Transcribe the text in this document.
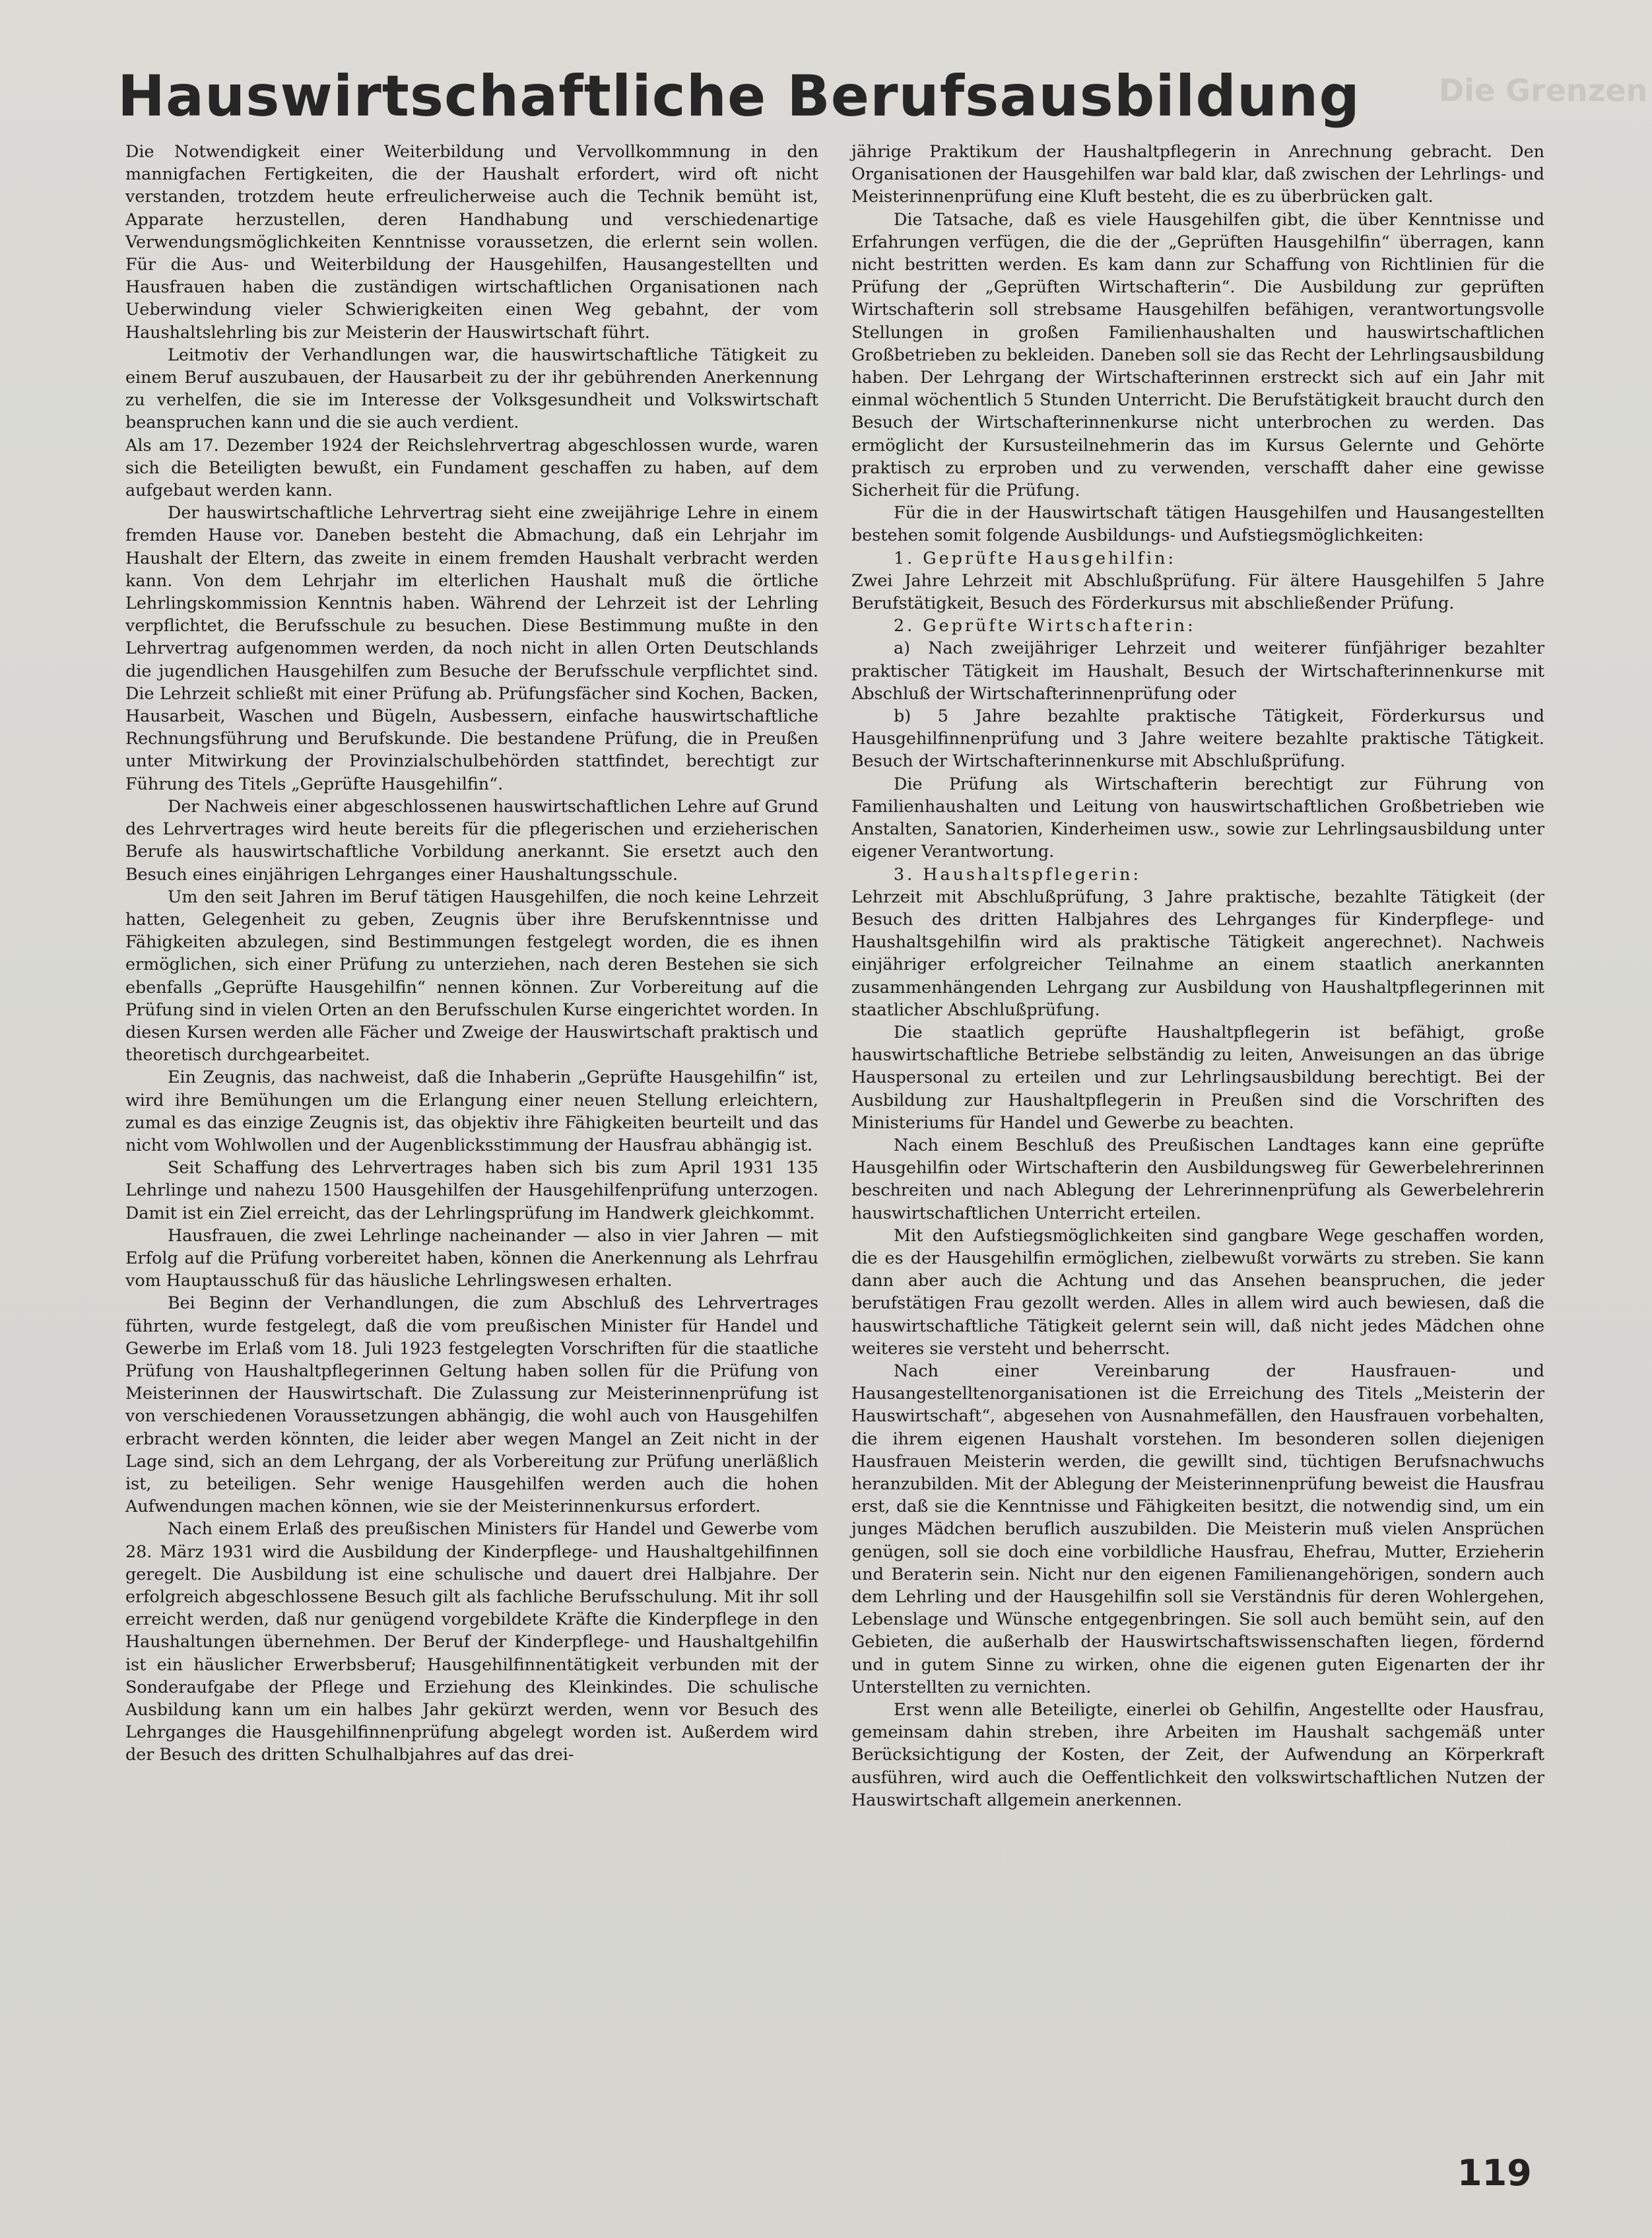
Die Grenzen
Hauswirtschaftliche Berufsausbildung

Die Notwendigkeit einer Weiterbildung und Vervollkommnung in den mannigfachen Fertigkeiten, die der Haushalt erfordert, wird oft nicht verstanden, trotzdem heute erfreulicherweise auch die Technik bemüht ist, Apparate herzustellen, deren Handhabung und verschiedenartige Verwendungsmöglichkeiten Kenntnisse voraussetzen, die erlernt sein wollen. Für die Aus- und Weiterbildung der Hausgehilfen, Hausangestellten und Hausfrauen haben die zuständigen wirtschaftlichen Organisationen nach Ueberwindung vieler Schwierigkeiten einen Weg gebahnt, der vom Haushaltslehrling bis zur Meisterin der Hauswirtschaft führt.

Leitmotiv der Verhandlungen war, die hauswirtschaftliche Tätigkeit zu einem Beruf auszubauen, der Hausarbeit zu der ihr gebührenden Anerkennung zu verhelfen, die sie im Interesse der Volksgesundheit und Volkswirtschaft beanspruchen kann und die sie auch verdient.

Als am 17. Dezember 1924 der Reichslehrvertrag abgeschlossen wurde, waren sich die Beteiligten bewußt, ein Fundament geschaffen zu haben, auf dem aufgebaut werden kann.

Der hauswirtschaftliche Lehrvertrag sieht eine zweijährige Lehre in einem fremden Hause vor. Daneben besteht die Abmachung, daß ein Lehrjahr im Haushalt der Eltern, das zweite in einem fremden Haushalt verbracht werden kann. Von dem Lehrjahr im elterlichen Haushalt muß die örtliche Lehrlingskommission Kenntnis haben. Während der Lehrzeit ist der Lehrling verpflichtet, die Berufsschule zu besuchen. Diese Bestimmung mußte in den Lehrvertrag aufgenommen werden, da noch nicht in allen Orten Deutschlands die jugendlichen Hausgehilfen zum Besuche der Berufsschule verpflichtet sind. Die Lehrzeit schließt mit einer Prüfung ab. Prüfungsfächer sind Kochen, Backen, Hausarbeit, Waschen und Bügeln, Ausbessern, einfache hauswirtschaftliche Rechnungsführung und Berufskunde. Die bestandene Prüfung, die in Preußen unter Mitwirkung der Provinzialschulbehörden stattfindet, berechtigt zur Führung des Titels „Geprüfte Hausgehilfin“.

Der Nachweis einer abgeschlossenen hauswirtschaftlichen Lehre auf Grund des Lehrvertrages wird heute bereits für die pflegerischen und erzieherischen Berufe als hauswirtschaftliche Vorbildung anerkannt. Sie ersetzt auch den Besuch eines einjährigen Lehrganges einer Haushaltungsschule.

Um den seit Jahren im Beruf tätigen Hausgehilfen, die noch keine Lehrzeit hatten, Gelegenheit zu geben, Zeugnis über ihre Berufskenntnisse und Fähigkeiten abzulegen, sind Bestimmungen festgelegt worden, die es ihnen ermöglichen, sich einer Prüfung zu unterziehen, nach deren Bestehen sie sich ebenfalls „Geprüfte Hausgehilfin“ nennen können. Zur Vorbereitung auf die Prüfung sind in vielen Orten an den Berufsschulen Kurse eingerichtet worden. In diesen Kursen werden alle Fächer und Zweige der Hauswirtschaft praktisch und theoretisch durchgearbeitet.

Ein Zeugnis, das nachweist, daß die Inhaberin „Geprüfte Hausgehilfin“ ist, wird ihre Bemühungen um die Erlangung einer neuen Stellung erleichtern, zumal es das einzige Zeugnis ist, das objektiv ihre Fähigkeiten beurteilt und das nicht vom Wohlwollen und der Augenblicksstimmung der Hausfrau abhängig ist.

Seit Schaffung des Lehrvertrages haben sich bis zum April 1931 135 Lehrlinge und nahezu 1500 Hausgehilfen der Hausgehilfenprüfung unterzogen. Damit ist ein Ziel erreicht, das der Lehrlingsprüfung im Handwerk gleichkommt.

Hausfrauen, die zwei Lehrlinge nacheinander — also in vier Jahren — mit Erfolg auf die Prüfung vorbereitet haben, können die Anerkennung als Lehrfrau vom Hauptausschuß für das häusliche Lehrlingswesen erhalten.

Bei Beginn der Verhandlungen, die zum Abschluß des Lehrvertrages führten, wurde festgelegt, daß die vom preußischen Minister für Handel und Gewerbe im Erlaß vom 18. Juli 1923 festgelegten Vorschriften für die staatliche Prüfung von Haushaltpflegerinnen Geltung haben sollen für die Prüfung von Meisterinnen der Hauswirtschaft. Die Zulassung zur Meisterinnenprüfung ist von verschiedenen Voraussetzungen abhängig, die wohl auch von Hausgehilfen erbracht werden könnten, die leider aber wegen Mangel an Zeit nicht in der Lage sind, sich an dem Lehrgang, der als Vorbereitung zur Prüfung unerläßlich ist, zu beteiligen. Sehr wenige Hausgehilfen werden auch die hohen Aufwendungen machen können, wie sie der Meisterinnenkursus erfordert.

Nach einem Erlaß des preußischen Ministers für Handel und Gewerbe vom 28. März 1931 wird die Ausbildung der Kinderpflege- und Haushaltgehilfinnen geregelt. Die Ausbildung ist eine schulische und dauert drei Halbjahre. Der erfolgreich abgeschlossene Besuch gilt als fachliche Berufsschulung. Mit ihr soll erreicht werden, daß nur genügend vorgebildete Kräfte die Kinderpflege in den Haushaltungen übernehmen. Der Beruf der Kinderpflege- und Haushaltgehilfin ist ein häuslicher Erwerbsberuf; Hausgehilfinnentätigkeit verbunden mit der Sonderaufgabe der Pflege und Erziehung des Kleinkindes. Die schulische Ausbildung kann um ein halbes Jahr gekürzt werden, wenn vor Besuch des Lehrganges die Hausgehilfinnenprüfung abgelegt worden ist. Außerdem wird der Besuch des dritten Schulhalbjahres auf das drei-

jährige Praktikum der Haushaltpflegerin in Anrechnung gebracht. Den Organisationen der Hausgehilfen war bald klar, daß zwischen der Lehrlings- und Meisterinnenprüfung eine Kluft besteht, die es zu überbrücken galt.

Die Tatsache, daß es viele Hausgehilfen gibt, die über Kenntnisse und Erfahrungen verfügen, die die der „Geprüften Hausgehilfin“ überragen, kann nicht bestritten werden. Es kam dann zur Schaffung von Richtlinien für die Prüfung der „Geprüften Wirtschafterin“. Die Ausbildung zur geprüften Wirtschafterin soll strebsame Hausgehilfen befähigen, verantwortungsvolle Stellungen in großen Familienhaushalten und hauswirtschaftlichen Großbetrieben zu bekleiden. Daneben soll sie das Recht der Lehrlingsausbildung haben. Der Lehrgang der Wirtschafterinnen erstreckt sich auf ein Jahr mit einmal wöchentlich 5 Stunden Unterricht. Die Berufstätigkeit braucht durch den Besuch der Wirtschafterinnenkurse nicht unterbrochen zu werden. Das ermöglicht der Kursusteilnehmerin das im Kursus Gelernte und Gehörte praktisch zu erproben und zu verwenden, verschafft daher eine gewisse Sicherheit für die Prüfung.

Für die in der Hauswirtschaft tätigen Hausgehilfen und Hausangestellten bestehen somit folgende Ausbildungs- und Aufstiegsmöglichkeiten:

1. Geprüfte Hausgehilfin:

Zwei Jahre Lehrzeit mit Abschlußprüfung. Für ältere Hausgehilfen 5 Jahre Berufstätigkeit, Besuch des Förderkursus mit abschließender Prüfung.

2. Geprüfte Wirtschafterin:

a) Nach zweijähriger Lehrzeit und weiterer fünfjähriger bezahlter praktischer Tätigkeit im Haushalt, Besuch der Wirtschafterinnenkurse mit Abschluß der Wirtschafterinnenprüfung oder

b) 5 Jahre bezahlte praktische Tätigkeit, Förderkursus und Hausgehilfinnenprüfung und 3 Jahre weitere bezahlte praktische Tätigkeit. Besuch der Wirtschafterinnenkurse mit Abschlußprüfung.

Die Prüfung als Wirtschafterin berechtigt zur Führung von Familienhaushalten und Leitung von hauswirtschaftlichen Großbetrieben wie Anstalten, Sanatorien, Kinderheimen usw., sowie zur Lehrlingsausbildung unter eigener Verantwortung.

3. Haushaltspflegerin:

Lehrzeit mit Abschlußprüfung, 3 Jahre praktische, bezahlte Tätigkeit (der Besuch des dritten Halbjahres des Lehrganges für Kinderpflege- und Haushaltsgehilfin wird als praktische Tätigkeit angerechnet). Nachweis einjähriger erfolgreicher Teilnahme an einem staatlich anerkannten zusammenhängenden Lehrgang zur Ausbildung von Haushaltpflegerinnen mit staatlicher Abschlußprüfung.

Die staatlich geprüfte Haushaltpflegerin ist befähigt, große hauswirtschaftliche Betriebe selbständig zu leiten, Anweisungen an das übrige Hauspersonal zu erteilen und zur Lehrlingsausbildung berechtigt. Bei der Ausbildung zur Haushaltpflegerin in Preußen sind die Vorschriften des Ministeriums für Handel und Gewerbe zu beachten.

Nach einem Beschluß des Preußischen Landtages kann eine geprüfte Hausgehilfin oder Wirtschafterin den Ausbildungsweg für Gewerbelehrerinnen beschreiten und nach Ablegung der Lehrerinnenprüfung als Gewerbelehrerin hauswirtschaftlichen Unterricht erteilen.

Mit den Aufstiegsmöglichkeiten sind gangbare Wege geschaffen worden, die es der Hausgehilfin ermöglichen, zielbewußt vorwärts zu streben. Sie kann dann aber auch die Achtung und das Ansehen beanspruchen, die jeder berufstätigen Frau gezollt werden. Alles in allem wird auch bewiesen, daß die hauswirtschaftliche Tätigkeit gelernt sein will, daß nicht jedes Mädchen ohne weiteres sie versteht und beherrscht.

Nach einer Vereinbarung der Hausfrauen- und Hausangestelltenorganisationen ist die Erreichung des Titels „Meisterin der Hauswirtschaft“, abgesehen von Ausnahmefällen, den Hausfrauen vorbehalten, die ihrem eigenen Haushalt vorstehen. Im besonderen sollen diejenigen Hausfrauen Meisterin werden, die gewillt sind, tüchtigen Berufsnachwuchs heranzubilden. Mit der Ablegung der Meisterinnenprüfung beweist die Hausfrau erst, daß sie die Kenntnisse und Fähigkeiten besitzt, die notwendig sind, um ein junges Mädchen beruflich auszubilden. Die Meisterin muß vielen Ansprüchen genügen, soll sie doch eine vorbildliche Hausfrau, Ehefrau, Mutter, Erzieherin und Beraterin sein. Nicht nur den eigenen Familienangehörigen, sondern auch dem Lehrling und der Hausgehilfin soll sie Verständnis für deren Wohlergehen, Lebenslage und Wünsche entgegenbringen. Sie soll auch bemüht sein, auf den Gebieten, die außerhalb der Hauswirtschaftswissenschaften liegen, fördernd und in gutem Sinne zu wirken, ohne die eigenen guten Eigenarten der ihr Unterstellten zu vernichten.

Erst wenn alle Beteiligte, einerlei ob Gehilfin, Angestellte oder Hausfrau, gemeinsam dahin streben, ihre Arbeiten im Haushalt sachgemäß unter Berücksichtigung der Kosten, der Zeit, der Aufwendung an Körperkraft ausführen, wird auch die Oeffentlichkeit den volkswirtschaftlichen Nutzen der Hauswirtschaft allgemein anerkennen.

119
